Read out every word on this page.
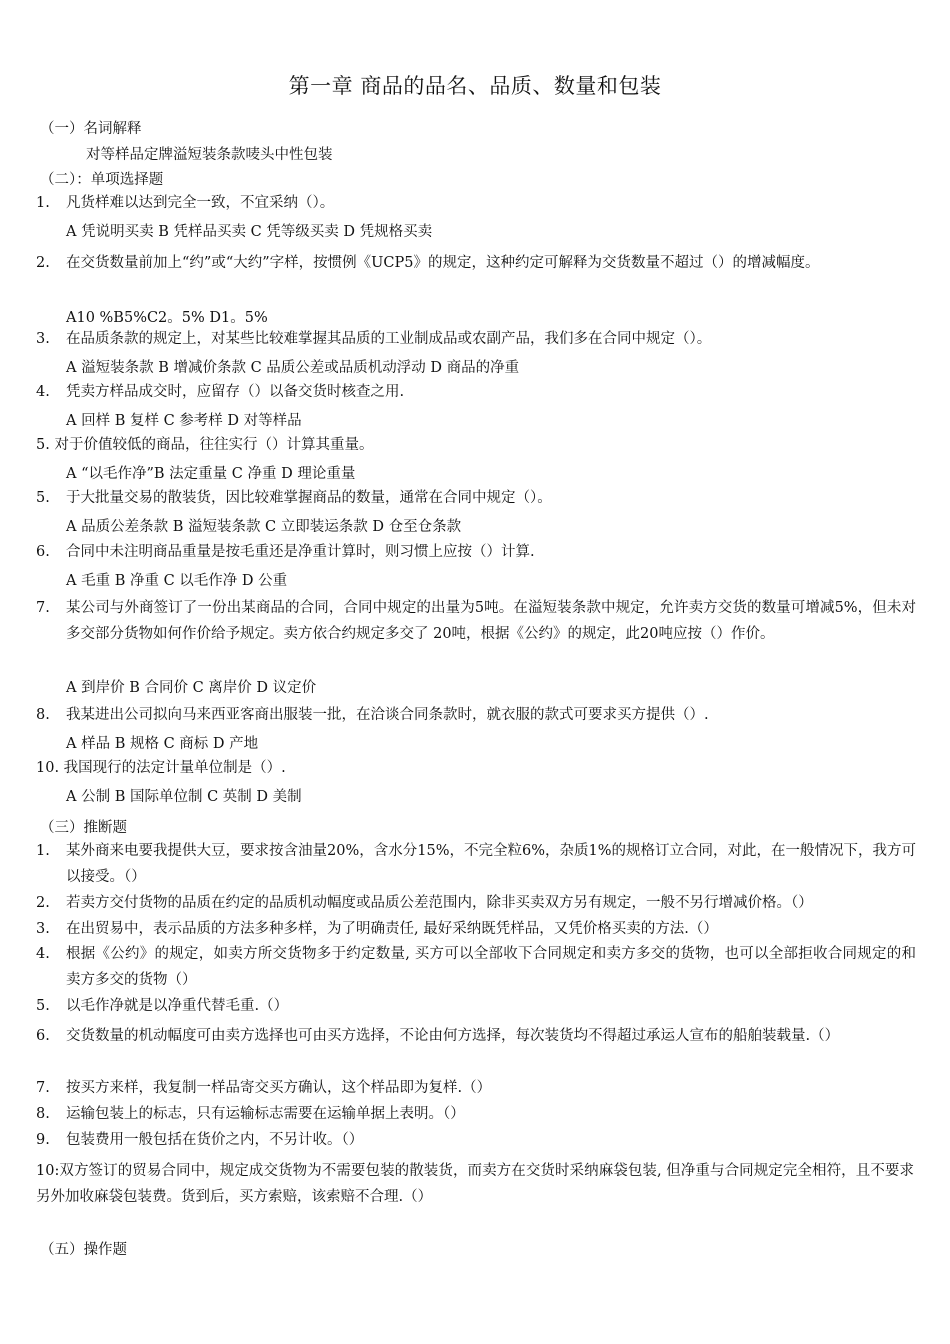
第一章 商品的品名、品质、数量和包装
（一）名词解释
对等样品定牌溢短装条款唛头中性包装
（二）：单项选择题
1. 凡货样难以达到完全一致，不宜采纳（）。
A 凭说明买卖 B 凭样品买卖 C 凭等级买卖 D 凭规格买卖
2. 在交货数量前加上“约”或“大约”字样，按惯例《UCP5》的规定，这种约定可解释为交货数量不超过（）的增减幅度。
A10 %B5%C2。5% D1。5%
3. 在品质条款的规定上，对某些比较难掌握其品质的工业制成品或农副产品，我们多在合同中规定（）。
A 溢短装条款 B 增减价条款 C 品质公差或品质机动浮动 D 商品的净重
4. 凭卖方样品成交时，应留存（）以备交货时核查之用.
A 回样 B 复样 C 参考样 D 对等样品
5. 对于价值较低的商品，往往实行（）计算其重量。
A “以毛作净”B 法定重量 C 净重 D 理论重量
5. 于大批量交易的散装货，因比较难掌握商品的数量，通常在合同中规定（）。
A 品质公差条款 B 溢短装条款 C 立即装运条款 D 仓至仓条款
6. 合同中未注明商品重量是按毛重还是净重计算时，则习惯上应按（）计算.
A 毛重 B 净重 C 以毛作净 D 公重
7. 某公司与外商签订了一份出某商品的合同，合同中规定的出量为5吨。在溢短装条款中规定，允许卖方交货的数量可增减5%，但未对多交部分货物如何作价给予规定。卖方依合约规定多交了 20吨，根据《公约》的规定，此20吨应按（）作价。
A 到岸价 B 合同价 C 离岸价 D 议定价
8. 我某进出公司拟向马来西亚客商出服装一批，在洽谈合同条款时，就衣服的款式可要求买方提供（）.
A 样品 B 规格 C 商标 D 产地
10. 我国现行的法定计量单位制是（）.
A 公制 B 国际单位制 C 英制 D 美制
（三）推断题
1. 某外商来电要我提供大豆，要求按含油量20%，含水分15%，不完全粒6%，杂质1%的规格订立合同，对此，在一般情况下，我方可以接受。（）
2. 若卖方交付货物的品质在约定的品质机动幅度或品质公差范围内，除非买卖双方另有规定，一般不另行增减价格。（）
3. 在出贸易中，表示品质的方法多种多样，为了明确责任, 最好采纳既凭样品，又凭价格买卖的方法.（）
4. 根据《公约》的规定，如卖方所交货物多于约定数量, 买方可以全部收下合同规定和卖方多交的货物，也可以全部拒收合同规定的和卖方多交的货物（）
5. 以毛作净就是以净重代替毛重.（）
6. 交货数量的机动幅度可由卖方选择也可由买方选择，不论由何方选择，每次装货均不得超过承运人宣布的船舶装载量.（）
7. 按买方来样，我复制一样品寄交买方确认，这个样品即为复样.（）
8. 运输包装上的标志，只有运输标志需要在运输单据上表明。（）
9. 包装费用一般包括在货价之内，不另计收。（）
10:双方签订的贸易合同中，规定成交货物为不需要包装的散装货，而卖方在交货时采纳麻袋包装, 但净重与合同规定完全相符，且不要求另外加收麻袋包装费。货到后，买方索赔，该索赔不合理.（）
（五）操作题
